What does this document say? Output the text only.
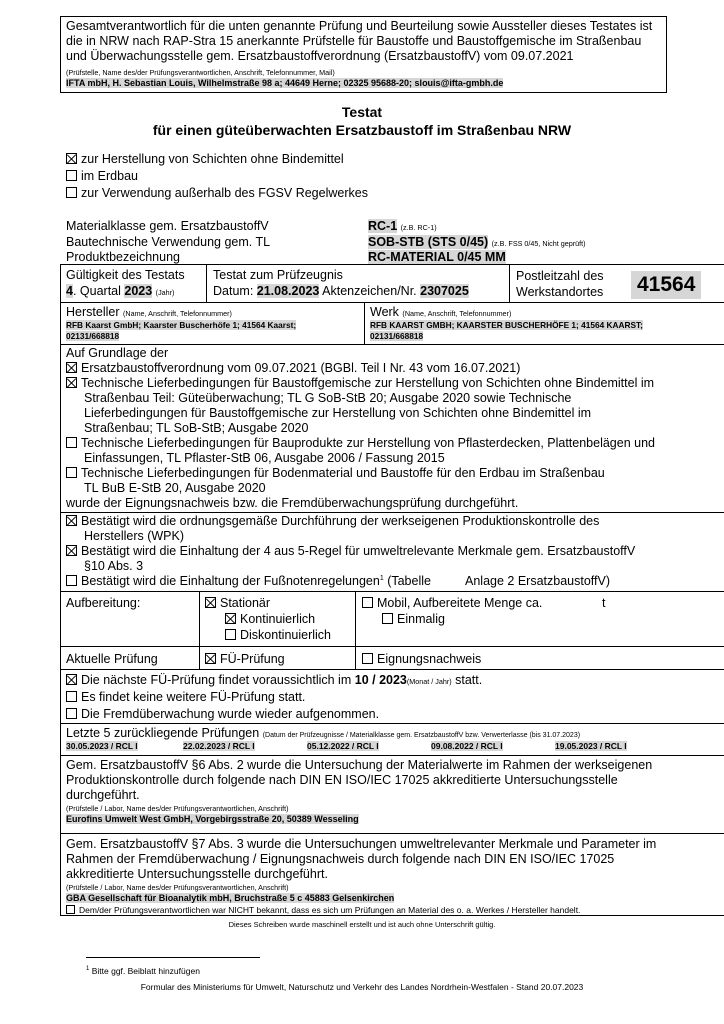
Gesamtverantwortlich für die unten genannte Prüfung und Beurteilung sowie Aussteller dieses Testates ist
die in NRW nach RAP-Stra 15 anerkannte Prüfstelle für Baustoffe und Baustoffgemische im Straßenbau
und Überwachungsstelle gem. Ersatzbaustoffverordnung (ErsatzbaustoffV) vom 09.07.2021
(Prüfstelle, Name des/der Prüfungsverantwortlichen, Anschrift, Telefonnummer, Mail)
IFTA mbH, H. Sebastian Louis, Wilhelmstraße 98 a; 44649 Herne; 02325 95688-20; slouis@ifta-gmbh.de
Testat
für einen güteüberwachten Ersatzbaustoff im Straßenbau NRW
zur Herstellung von Schichten ohne Bindemittel
im Erdbau
zur Verwendung außerhalb des FGSV Regelwerkes
Materialklasse gem. ErsatzbaustoffV	RC-1 (z.B. RC-1)
Bautechnische Verwendung gem. TL	SOB-STB (STS 0/45) (z.B. FSS 0/45, Nicht geprüft)
Produktbezeichnung	RC-MATERIAL 0/45 MM
Gültigkeit des Testats
4. Quartal 2023 (Jahr)
Testat zum Prüfzeugnis
Datum: 21.08.2023 Aktenzeichen/Nr. 2307025
Postleitzahl des
Werkstandortes 41564
Hersteller (Name, Anschrift, Telefonnummer)
RFB Kaarst GmbH; Kaarster Buscherhöfe 1; 41564 Kaarst;
02131/668818
Werk (Name, Anschrift, Telefonnummer)
RFB KAARST GMBH; KAARSTER BUSCHERHÖFE 1; 41564 KAARST;
02131/668818
Auf Grundlage der
Ersatzbaustoffverordnung vom 09.07.2021 (BGBl. Teil I Nr. 43 vom 16.07.2021)
Technische Lieferbedingungen für Baustoffgemische zur Herstellung von Schichten ohne Bindemittel im
Straßenbau Teil: Güteüberwachung; TL G SoB-StB 20; Ausgabe 2020 sowie Technische
Lieferbedingungen für Baustoffgemische zur Herstellung von Schichten ohne Bindemittel im
Straßenbau; TL SoB-StB; Ausgabe 2020
Technische Lieferbedingungen für Bauprodukte zur Herstellung von Pflasterdecken, Plattenbelägen und
Einfassungen, TL Pflaster-StB 06, Ausgabe 2006 / Fassung 2015
Technische Lieferbedingungen für Bodenmaterial und Baustoffe für den Erdbau im Straßenbau
TL BuB E-StB 20, Ausgabe 2020
wurde der Eignungsnachweis bzw. die Fremdüberwachungsprüfung durchgeführt.
Bestätigt wird die ordnungsgemäße Durchführung der werkseigenen Produktionskontrolle des
Herstellers (WPK)
Bestätigt wird die Einhaltung der 4 aus 5-Regel für umweltrelevante Merkmale gem. ErsatzbaustoffV
§10 Abs. 3
Bestätigt wird die Einhaltung der Fußnotenregelungen$^1$ (Tabelle          Anlage 2 ErsatzbaustoffV)
Aufbereitung:	Stationär
Kontinuierlich
Diskontinuierlich
Mobil, Aufbereitete Menge ca.	t
Einmalig
Aktuelle Prüfung	FÜ-Prüfung	Eignungsnachweis
Die nächste FÜ-Prüfung findet voraussichtlich im 10 / 2023(Monat / Jahr) statt.
Es findet keine weitere FÜ-Prüfung statt.
Die Fremdüberwachung wurde wieder aufgenommen.
Letzte 5 zurückliegende Prüfungen (Datum der Prüfzeugnisse / Materialklasse gem. ErsatzbaustoffV bzw. Verwerterlasse (bis 31.07.2023)
30.05.2023 / RCL I	22.02.2023 / RCL I	05.12.2022 / RCL I	09.08.2022 / RCL I	19.05.2023 / RCL I
Gem. ErsatzbaustoffV §6 Abs. 2 wurde die Untersuchung der Materialwerte im Rahmen der werkseigenen
Produktionskontrolle durch folgende nach DIN EN ISO/IEC 17025 akkreditierte Untersuchungsstelle
durchgeführt.
(Prüfstelle / Labor, Name des/der Prüfungsverantwortlichen, Anschrift)
Eurofins Umwelt West GmbH, Vorgebirgsstraße 20, 50389 Wesseling
Gem. ErsatzbaustoffV §7 Abs. 3 wurde die Untersuchungen umweltrelevanter Merkmale und Parameter im
Rahmen der Fremdüberwachung / Eignungsnachweis durch folgende nach DIN EN ISO/IEC 17025
akkreditierte Untersuchungsstelle durchgeführt.
(Prüfstelle / Labor, Name des/der Prüfungsverantwortlichen, Anschrift)
GBA Gesellschaft für Bioanalytik mbH, Bruchstraße 5 c 45883 Gelsenkirchen
Dem/der Prüfungsverantwortlichen war NICHT bekannt, dass es sich um Prüfungen an Material des o. a. Werkes / Hersteller handelt.
Dieses Schreiben wurde maschinell erstellt und ist auch ohne Unterschrift gültig.
$^1$ Bitte ggf. Beiblatt hinzufügen
Formular des Ministeriums für Umwelt, Naturschutz und Verkehr des Landes Nordrhein-Westfalen - Stand 20.07.2023
